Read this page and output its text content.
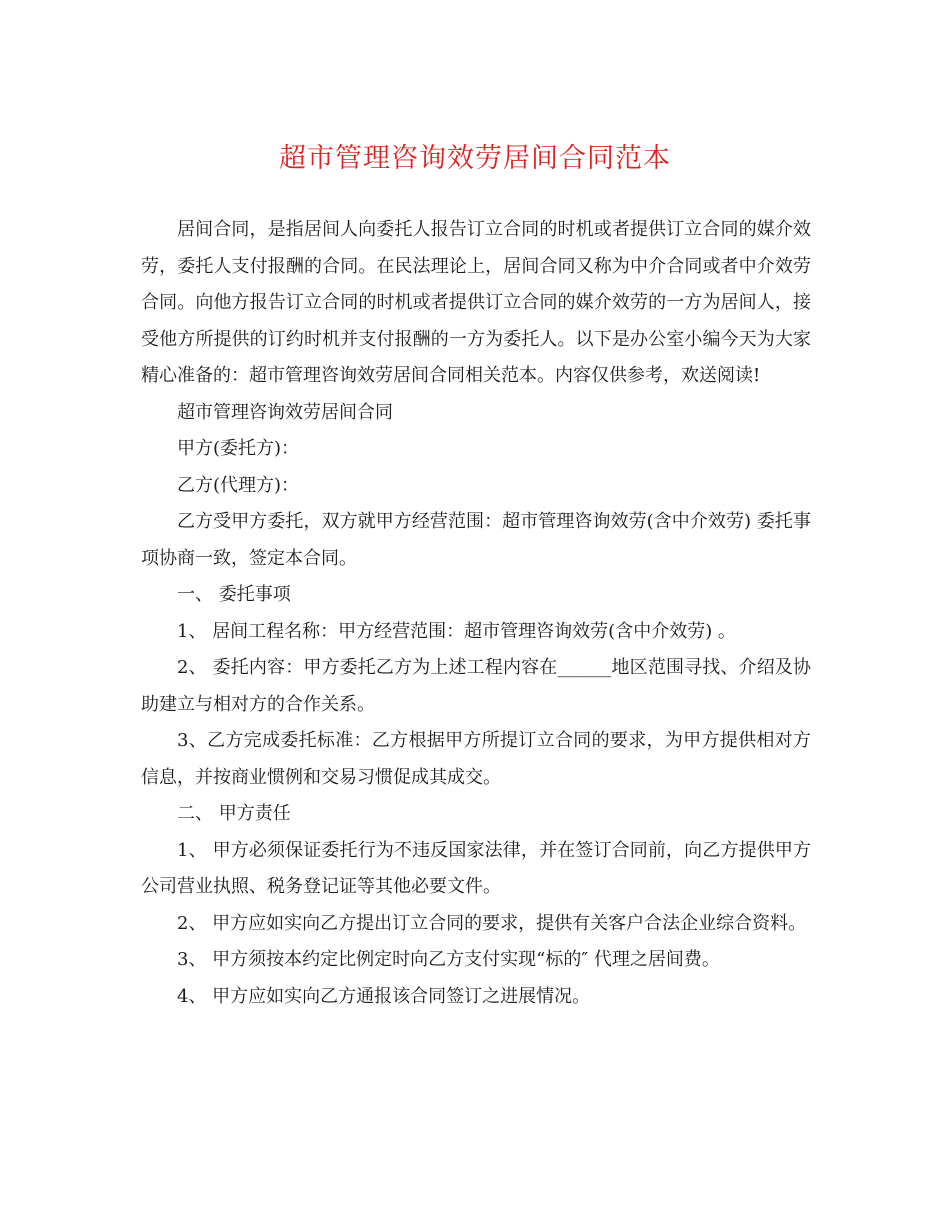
超市管理咨询效劳居间合同范本

居间合同，是指居间人向委托人报告订立合同的时机或者提供订立合同的媒介效劳，委托人支付报酬的合同。在民法理论上，居间合同又称为中介合同或者中介效劳合同。向他方报告订立合同的时机或者提供订立合同的媒介效劳的一方为居间人，接受他方所提供的订约时机并支付报酬的一方为委托人。以下是办公室小编今天为大家精心准备的：超市管理咨询效劳居间合同相关范本。内容仅供参考，欢送阅读!

超市管理咨询效劳居间合同

甲方(委托方)：

乙方(代理方)：

乙方受甲方委托，双方就甲方经营范围：超市管理咨询效劳(含中介效劳) 委托事项协商一致，签定本合同。

一、 委托事项

1、 居间工程名称：甲方经营范围：超市管理咨询效劳(含中介效劳) 。

2、 委托内容：甲方委托乙方为上述工程内容在______地区范围寻找、介绍及协助建立与相对方的合作关系。

3、乙方完成委托标准：乙方根据甲方所提订立合同的要求，为甲方提供相对方信息，并按商业惯例和交易习惯促成其成交。

二、 甲方责任

1、 甲方必须保证委托行为不违反国家法律，并在签订合同前，向乙方提供甲方公司营业执照、税务登记证等其他必要文件。

2、 甲方应如实向乙方提出订立合同的要求，提供有关客户合法企业综合资料。

3、 甲方须按本约定比例定时向乙方支付实现“标的″ 代理之居间费。

4、 甲方应如实向乙方通报该合同签订之进展情况。
